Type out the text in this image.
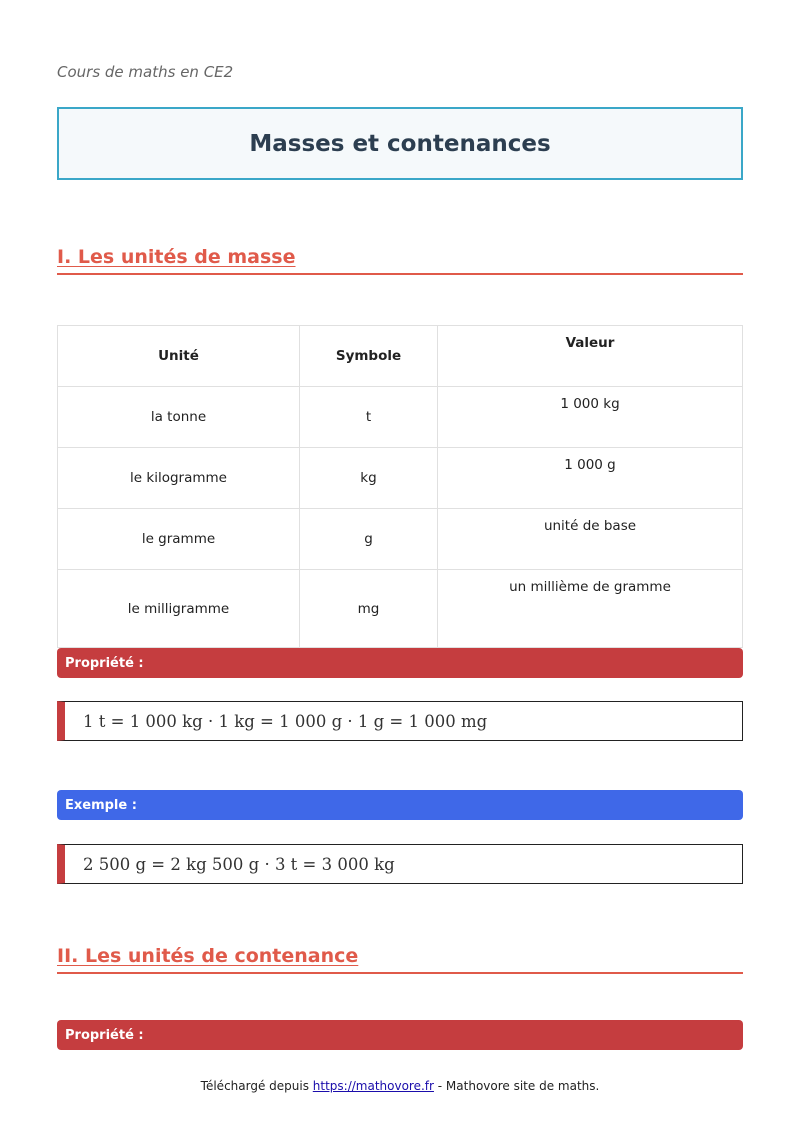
Cours de maths en CE2
Masses et contenances
I. Les unités de masse
Unité	Symbole	Valeur
la tonne	t	1 000 kg
le kilogramme	kg	1 000 g
le gramme	g	unité de base
le milligramme	mg	un millième de gramme
Propriété :
1 t = 1 000 kg · 1 kg = 1 000 g · 1 g = 1 000 mg
Exemple :
2 500 g = 2 kg 500 g · 3 t = 3 000 kg
II. Les unités de contenance
Propriété :
Téléchargé depuis https://mathovore.fr - Mathovore site de maths.
